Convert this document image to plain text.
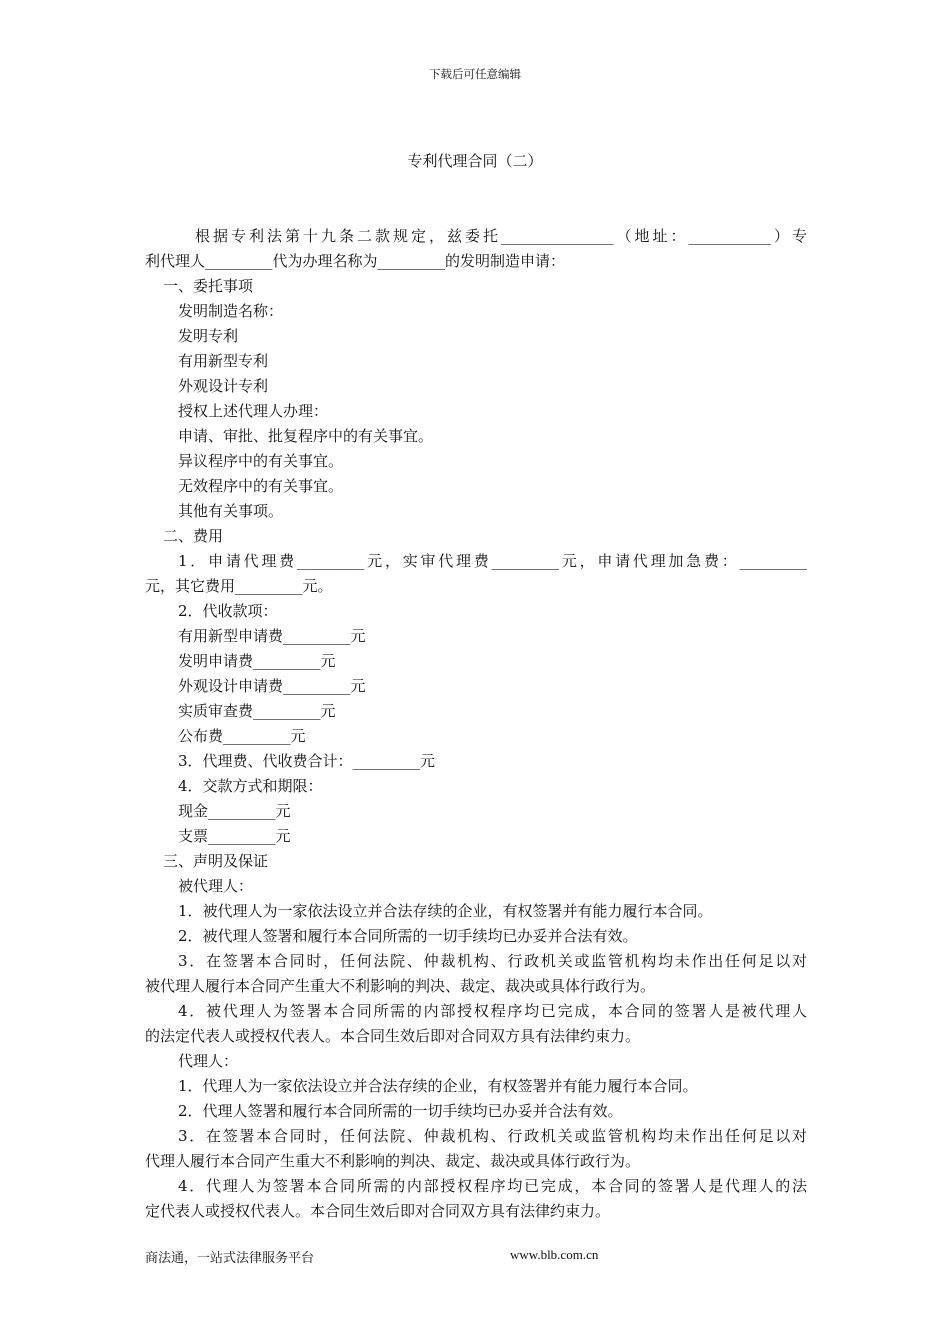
下载后可任意编辑
专利代理合同（二）
根据专利法第十九条二款规定，兹委托_______________（地址：___________）专
利代理人_________代为办理名称为_________的发明制造申请：
一、委托事项
发明制造名称：
发明专利
有用新型专利
外观设计专利
授权上述代理人办理：
申请、审批、批复程序中的有关事宜。
异议程序中的有关事宜。
无效程序中的有关事宜。
其他有关事项。
二、费用
1．申请代理费_________元，实审代理费_________元，申请代理加急费：_________
元，其它费用_________元。
2．代收款项：
有用新型申请费_________元
发明申请费_________元
外观设计申请费_________元
实质审查费_________元
公布费_________元
3．代理费、代收费合计：_________元
4．交款方式和期限：
现金_________元
支票_________元
三、声明及保证
被代理人：
1．被代理人为一家依法设立并合法存续的企业，有权签署并有能力履行本合同。
2．被代理人签署和履行本合同所需的一切手续均已办妥并合法有效。
3．在签署本合同时，任何法院、仲裁机构、行政机关或监管机构均未作出任何足以对
被代理人履行本合同产生重大不利影响的判决、裁定、裁决或具体行政行为。
4．被代理人为签署本合同所需的内部授权程序均已完成，本合同的签署人是被代理人
的法定代表人或授权代表人。本合同生效后即对合同双方具有法律约束力。
代理人：
1．代理人为一家依法设立并合法存续的企业，有权签署并有能力履行本合同。
2．代理人签署和履行本合同所需的一切手续均已办妥并合法有效。
3．在签署本合同时，任何法院、仲裁机构、行政机关或监管机构均未作出任何足以对
代理人履行本合同产生重大不利影响的判决、裁定、裁决或具体行政行为。
4．代理人为签署本合同所需的内部授权程序均已完成，本合同的签署人是代理人的法
定代表人或授权代表人。本合同生效后即对合同双方具有法律约束力。
商法通，一站式法律服务平台	www.blb.com.cn
